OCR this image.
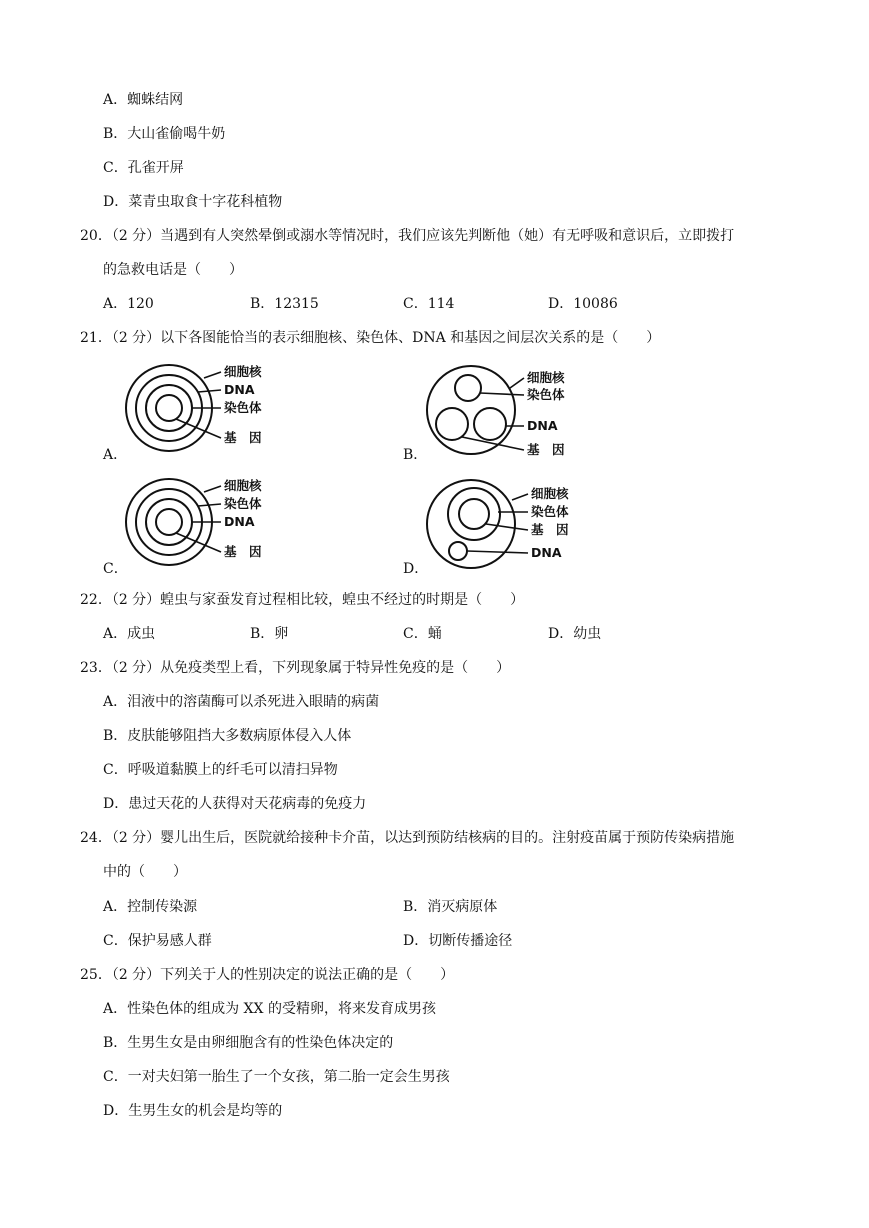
A．蜘蛛结网
B．大山雀偷喝牛奶
C．孔雀开屏
D．菜青虫取食十字花科植物
20．（2 分）当遇到有人突然晕倒或溺水等情况时，我们应该先判断他（她）有无呼吸和意识后，立即拨打
的急救电话是（　　）
A．120	B．12315	C．114	D．10086
21．（2 分）以下各图能恰当的表示细胞核、染色体、DNA 和基因之间层次关系的是（　　）
A．
细胞核
DNA
染色体
基　因
B．
细胞核
染色体
DNA
基　因
C．
细胞核
染色体
DNA
基　因
D．
细胞核
染色体
基　因
DNA
22．（2 分）蝗虫与家蚕发育过程相比较，蝗虫不经过的时期是（　　）
A．成虫	B．卵	C．蛹	D．幼虫
23．（2 分）从免疫类型上看，下列现象属于特异性免疫的是（　　）
A．泪液中的溶菌酶可以杀死进入眼睛的病菌
B．皮肤能够阻挡大多数病原体侵入人体
C．呼吸道黏膜上的纤毛可以清扫异物
D．患过天花的人获得对天花病毒的免疫力
24．（2 分）婴儿出生后，医院就给接种卡介苗，以达到预防结核病的目的。注射疫苗属于预防传染病措施
中的（　　）
A．控制传染源	B．消灭病原体
C．保护易感人群	D．切断传播途径
25．（2 分）下列关于人的性别决定的说法正确的是（　　）
A．性染色体的组成为 XX 的受精卵，将来发育成男孩
B．生男生女是由卵细胞含有的性染色体决定的
C．一对夫妇第一胎生了一个女孩，第二胎一定会生男孩
D．生男生女的机会是均等的
